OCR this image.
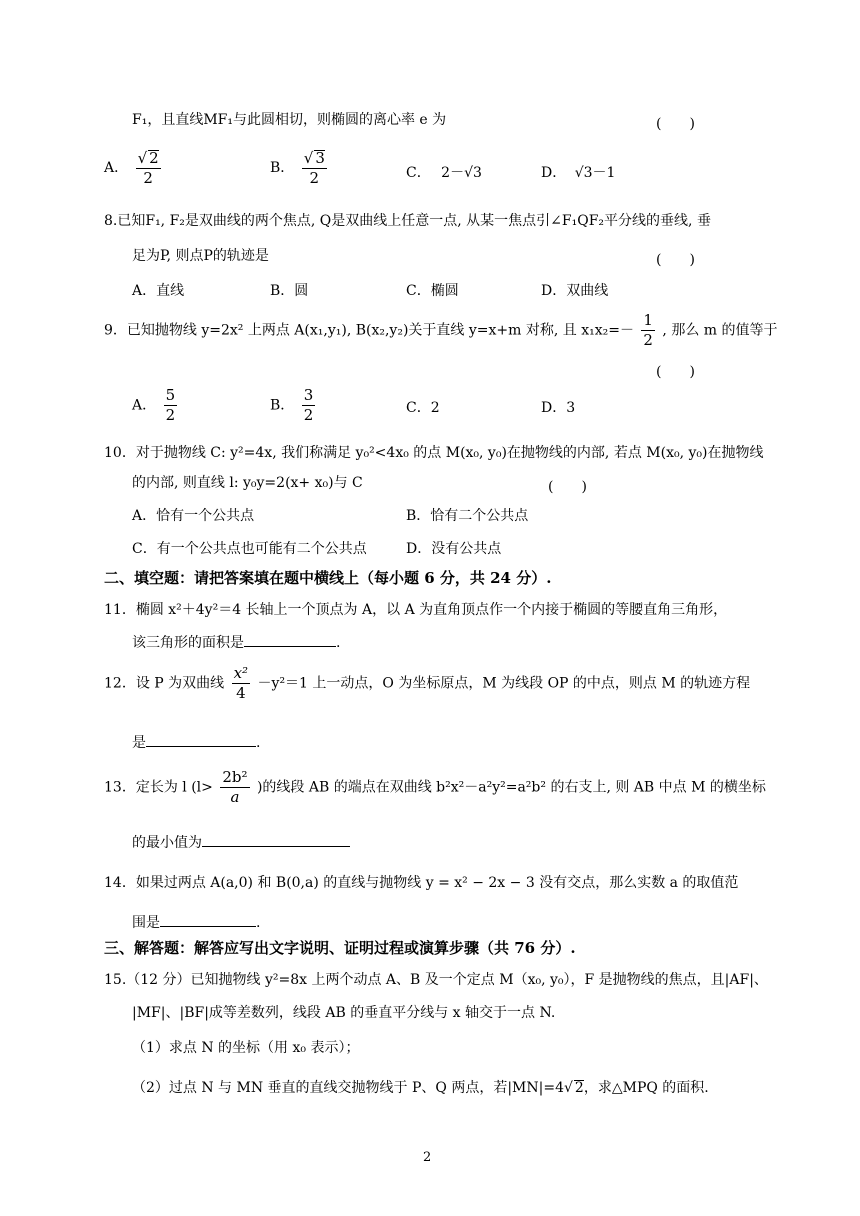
F₁，且直线MF₁与此圆相切，则椭圆的离心率 e 为	(　　)
A． $\frac{√ 2}{2}$	B． $\frac{√ 3}{2}$	C． 2－√3	D． √3－1
8.已知F₁, F₂是双曲线的两个焦点, Q是双曲线上任意一点, 从某一焦点引∠F₁QF₂平分线的垂线, 垂
足为P, 则点P的轨迹是	(　　)
A．直线	B．圆	C．椭圆	D．双曲线
9．已知抛物线 y=2x² 上两点 A(x₁,y₁), B(x₂,y₂)关于直线 y=x+m 对称, 且 $x_1x_2=- \frac{1}{2}$ , 那么 m 的值等于
(　　)
A． $\frac{5}{2}$	B． $\frac{3}{2}$	C．2	D．3
10．对于抛物线 C: y²=4x, 我们称满足 y₀²<4x₀ 的点 M(x₀, y₀)在抛物线的内部, 若点 M(x₀, y₀)在抛物线
的内部, 则直线 l: y₀y=2(x+ x₀)与 C	(　　)
A．恰有一个公共点	B．恰有二个公共点
C．有一个公共点也可能有二个公共点	D．没有公共点
二、填空题：请把答案填在题中横线上（每小题 6 分，共 24 分）.
11．椭圆 x²＋4y²＝4 长轴上一个顶点为 A，以 A 为直角顶点作一个内接于椭圆的等腰直角三角形，
该三角形的面积是	.
12．设 P 为双曲线 $\frac{\text{x²}}{4} -y^2=1$ 上一动点，O 为坐标原点，M 为线段 OP 的中点，则点 M 的轨迹方程
是	.
13．定长为 l ($l> \frac{\text{2b²}}{a}$ )的线段 AB 的端点在双曲线 b²x²－a²y²=a²b² 的右支上, 则 AB 中点 M 的横坐标
的最小值为
14．如果过两点 A(a,0) 和 B(0,a) 的直线与抛物线 y = x² − 2x − 3 没有交点，那么实数 a 的取值范
围是	.
三、解答题：解答应写出文字说明、证明过程或演算步骤（共 76 分）.
15.（12 分）已知抛物线 y²=8x 上两个动点 A、B 及一个定点 M（x₀, y₀），F 是抛物线的焦点，且|AF|、
|MF|、|BF|成等差数列，线段 AB 的垂直平分线与 x 轴交于一点 N.
（1）求点 N 的坐标（用 x₀ 表示）；
（2）过点 N 与 MN 垂直的直线交抛物线于 P、Q 两点，若|MN|=4√ 2，求△MPQ 的面积.
2
